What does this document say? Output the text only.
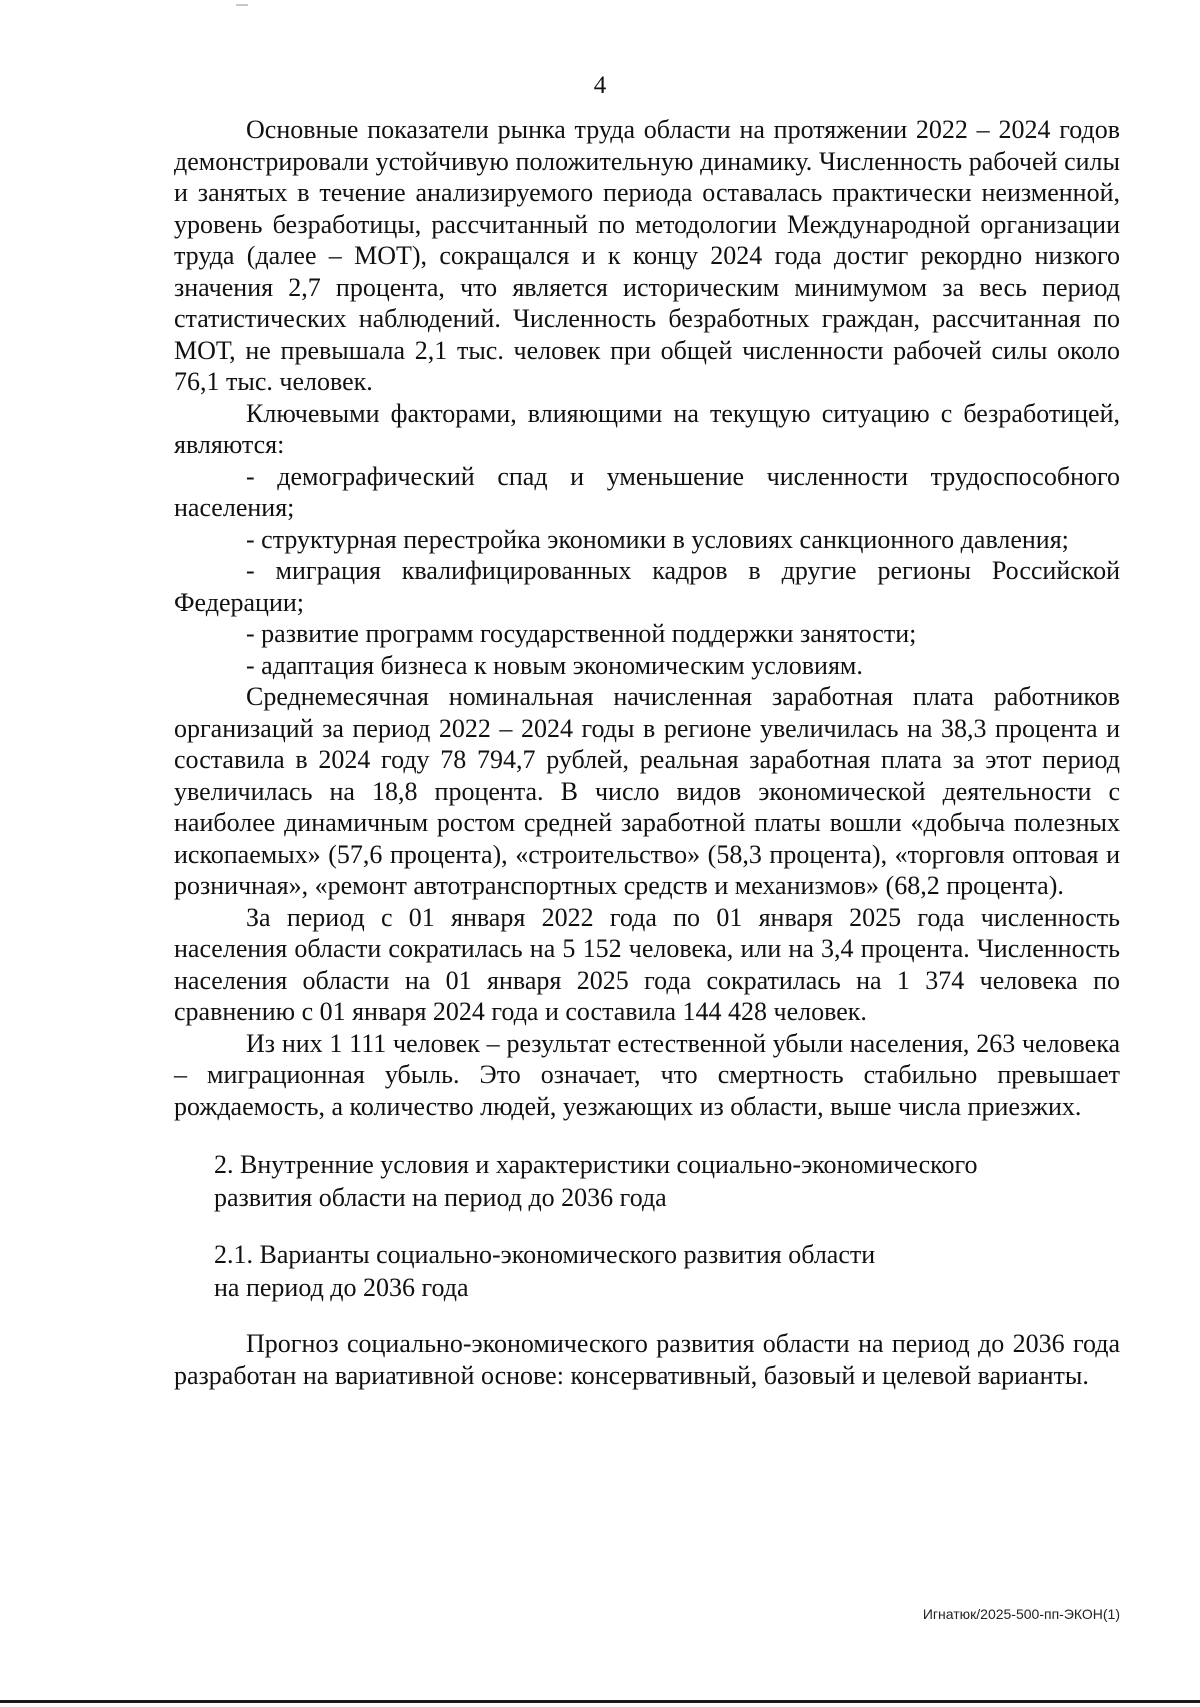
4

Основные показатели рынка труда области на протяжении 2022 – 2024 годов демонстрировали устойчивую положительную динамику. Численность рабочей силы и занятых в течение анализируемого периода оставалась практически неизменной, уровень безработицы, рассчитанный по методологии Международной организации труда (далее – МОТ), сокращался и к концу 2024 года достиг рекордно низкого значения 2,7 процента, что является историческим минимумом за весь период статистических наблюдений. Численность безработных граждан, рассчитанная по МОТ, не превышала 2,1 тыс. человек при общей численности рабочей силы около 76,1 тыс. человек.

Ключевыми факторами, влияющими на текущую ситуацию с безработицей, являются:

- демографический спад и уменьшение численности трудоспособного населения;

- структурная перестройка экономики в условиях санкционного давления;

- миграция квалифицированных кадров в другие регионы Российской Федерации;

- развитие программ государственной поддержки занятости;

- адаптация бизнеса к новым экономическим условиям.

Среднемесячная номинальная начисленная заработная плата работников организаций за период 2022 – 2024 годы в регионе увеличилась на 38,3 процента и составила в 2024 году 78 794,7 рублей, реальная заработная плата за этот период увеличилась на 18,8 процента. В число видов экономической деятельности с наиболее динамичным ростом средней заработной платы вошли «добыча полезных ископаемых» (57,6 процента), «строительство» (58,3 процента), «торговля оптовая и розничная», «ремонт автотранспортных средств и механизмов» (68,2 процента).

За период с 01 января 2022 года по 01 января 2025 года численность населения области сократилась на 5 152 человека, или на 3,4 процента. Численность населения области на 01 января 2025 года сократилась на 1 374 человека по сравнению с 01 января 2024 года и составила 144 428 человек.

Из них 1 111 человек – результат естественной убыли населения, 263 человека – миграционная убыль. Это означает, что смертность стабильно превышает рождаемость, а количество людей, уезжающих из области, выше числа приезжих.

2. Внутренние условия и характеристики социально-экономического
развития области на период до 2036 года

2.1. Варианты социально-экономического развития области
на период до 2036 года

Прогноз социально-экономического развития области на период до 2036 года разработан на вариативной основе: консервативный, базовый и целевой варианты.

Игнатюк/2025-500-пп-ЭКОН(1)
